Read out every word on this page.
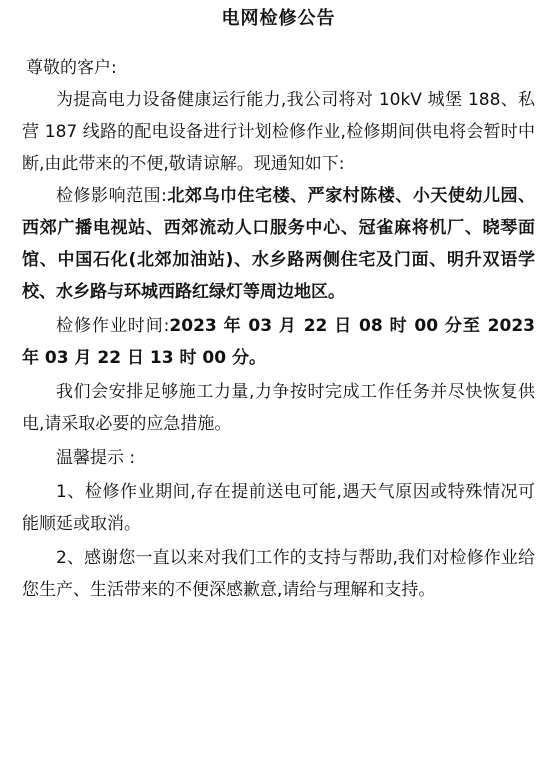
电网检修公告

尊敬的客户:

为提高电力设备健康运行能力,我公司将对 10kV 城堡 188、私营 187 线路的配电设备进行计划检修作业,检修期间供电将会暂时中断,由此带来的不便,敬请谅解。现通知如下:

检修影响范围:北郊乌巾住宅楼、严家村陈楼、小天使幼儿园、西郊广播电视站、西郊流动人口服务中心、冠雀麻将机厂、晓琴面馆、中国石化(北郊加油站)、水乡路两侧住宅及门面、明升双语学校、水乡路与环城西路红绿灯等周边地区。

检修作业时间:2023 年 03 月 22 日 08 时 00 分至 2023 年 03 月 22 日 13 时 00 分。

我们会安排足够施工力量,力争按时完成工作任务并尽快恢复供电,请采取必要的应急措施。

温馨提示 :

1、检修作业期间,存在提前送电可能,遇天气原因或特殊情况可能顺延或取消。

2、感谢您一直以来对我们工作的支持与帮助,我们对检修作业给您生产、生活带来的不便深感歉意,请给与理解和支持。
